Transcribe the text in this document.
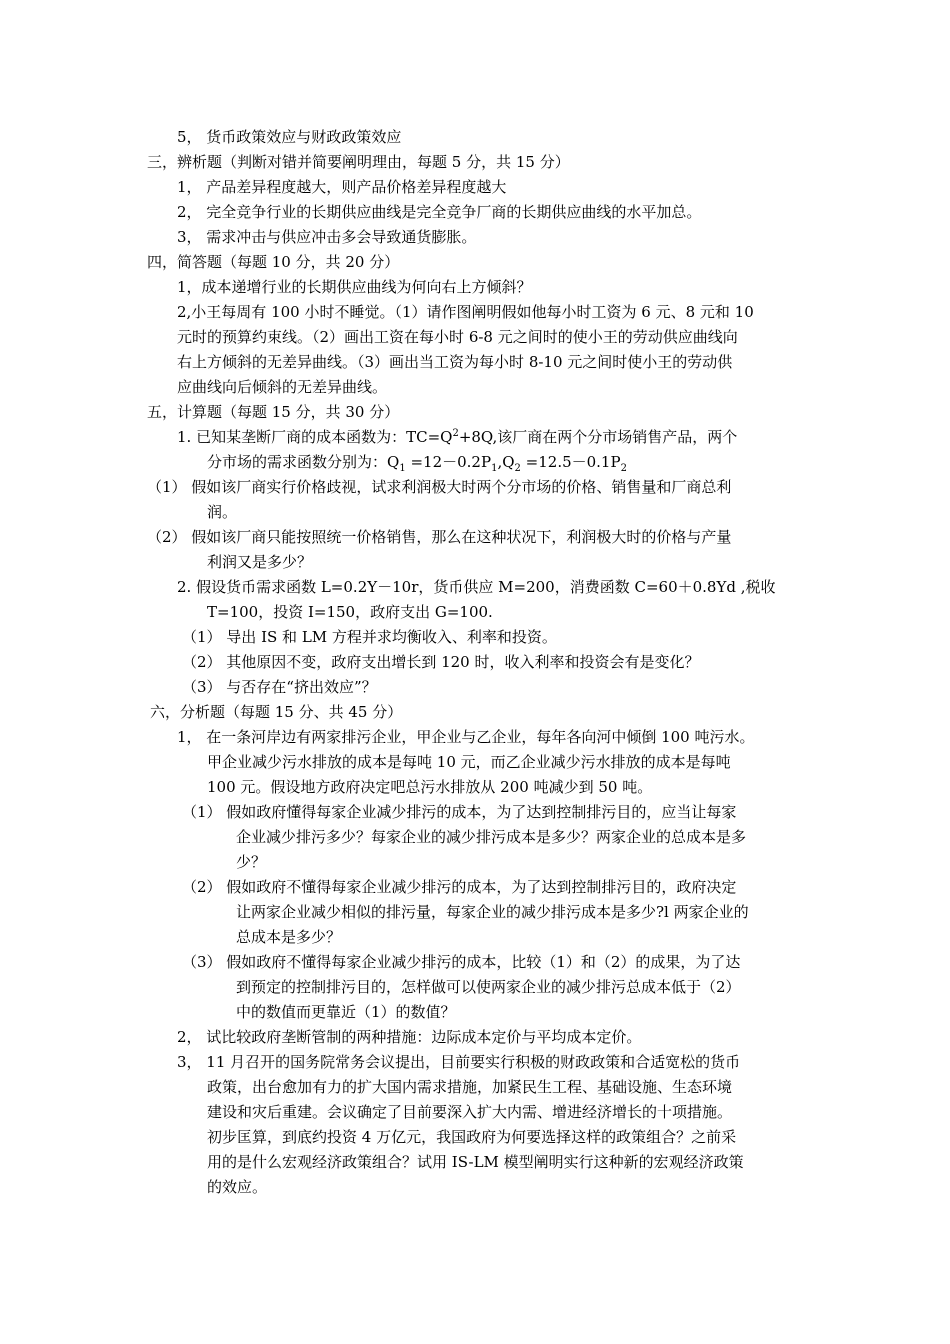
5， 货币政策效应与财政政策效应
三，辨析题（判断对错并简要阐明理由，每题 5 分，共 15 分）
1， 产品差异程度越大，则产品价格差异程度越大
2， 完全竞争行业的长期供应曲线是完全竞争厂商的长期供应曲线的水平加总。
3， 需求冲击与供应冲击多会导致通货膨胀。
四，简答题（每题 10 分，共 20 分）
1，成本递增行业的长期供应曲线为何向右上方倾斜？
2,小王每周有 100 小时不睡觉。（1）请作图阐明假如他每小时工资为 6 元、8 元和 10
元时的预算约束线。（2）画出工资在每小时 6-8 元之间时的使小王的劳动供应曲线向
右上方倾斜的无差异曲线。（3）画出当工资为每小时 8-10 元之间时使小王的劳动供
应曲线向后倾斜的无差异曲线。
五，计算题（每题 15 分，共 30 分）
1. 已知某垄断厂商的成本函数为：$TC=Q^2+8Q$,该厂商在两个分市场销售产品，两个
分市场的需求函数分别为：$Q_1 =12-0.2P_1,Q_2 =12.5-0.1P_2$
（1） 假如该厂商实行价格歧视，试求利润极大时两个分市场的价格、销售量和厂商总利
润。
（2） 假如该厂商只能按照统一价格销售，那么在这种状况下，利润极大时的价格与产量
利润又是多少？
2. 假设货币需求函数 L=0.2Y－10r，货币供应 M=200，消费函数 C=60＋0.8Yd ,税收
T=100，投资 I=150，政府支出 G=100.
（1） 导出 IS 和 LM 方程并求均衡收入、利率和投资。
（2） 其他原因不变，政府支出增长到 120 时，收入利率和投资会有是变化？
（3） 与否存在“挤出效应”？
六，分析题（每题 15 分、共 45 分）
1， 在一条河岸边有两家排污企业，甲企业与乙企业，每年各向河中倾倒 100 吨污水。
甲企业减少污水排放的成本是每吨 10 元，而乙企业减少污水排放的成本是每吨
100 元。假设地方政府决定吧总污水排放从 200 吨减少到 50 吨。
（1） 假如政府懂得每家企业减少排污的成本，为了达到控制排污目的，应当让每家
企业减少排污多少？每家企业的减少排污成本是多少？两家企业的总成本是多
少？
（2） 假如政府不懂得每家企业减少排污的成本，为了达到控制排污目的，政府决定
让两家企业减少相似的排污量，每家企业的减少排污成本是多少?l 两家企业的
总成本是多少？
（3） 假如政府不懂得每家企业减少排污的成本，比较（1）和（2）的成果，为了达
到预定的控制排污目的，怎样做可以使两家企业的减少排污总成本低于（2）
中的数值而更靠近（1）的数值？
2， 试比较政府垄断管制的两种措施：边际成本定价与平均成本定价。
3， 11 月召开的国务院常务会议提出，目前要实行积极的财政政策和合适宽松的货币
政策，出台愈加有力的扩大国内需求措施，加紧民生工程、基础设施、生态环境
建设和灾后重建。会议确定了目前要深入扩大内需、增进经济增长的十项措施。
初步匡算，到底约投资 4 万亿元，我国政府为何要选择这样的政策组合？之前采
用的是什么宏观经济政策组合？试用 IS-LM 模型阐明实行这种新的宏观经济政策
的效应。
